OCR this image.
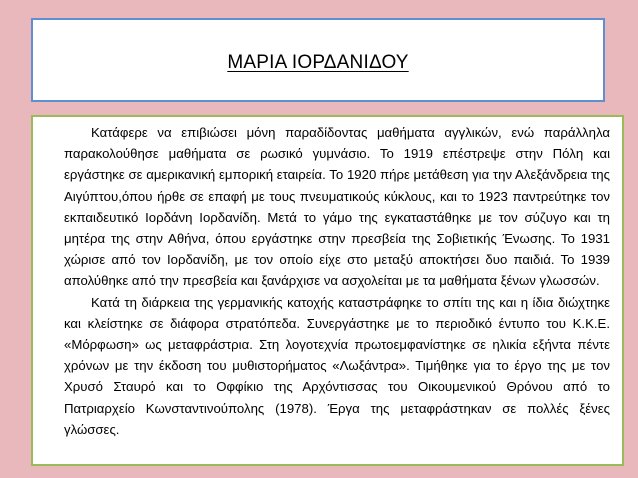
ΜΑΡΙΑ ΙΟΡΔΑΝΙΔΟΥ

Κατάφερε να επιβιώσει μόνη παραδίδοντας μαθήματα αγγλικών, ενώ παράλληλα παρακολούθησε μαθήματα σε ρωσικό γυμνάσιο. Το 1919 επέστρεψε στην Πόλη και εργάστηκε σε αμερικανική εμπορική εταιρεία. Το 1920 πήρε μετάθεση για την Αλεξάνδρεια της Αιγύπτου,όπου ήρθε σε επαφή με τους πνευματικούς κύκλους, και το 1923 παντρεύτηκε τον εκπαιδευτικό Ιορδάνη Ιορδανίδη. Μετά το γάμο της εγκαταστάθηκε με τον σύζυγο και τη μητέρα της στην Αθήνα, όπου εργάστηκε στην πρεσβεία της Σοβιετικής Ένωσης. Το 1931 χώρισε από τον Ιορδανίδη, με τον οποίο είχε στο μεταξύ αποκτήσει δυο παιδιά. Το 1939 απολύθηκε από την πρεσβεία και ξανάρχισε να ασχολείται με τα μαθήματα ξένων γλωσσών.

Κατά τη διάρκεια της γερμανικής κατοχής καταστράφηκε το σπίτι της και η ίδια διώχτηκε και κλείστηκε σε διάφορα στρατόπεδα. Συνεργάστηκε με το περιοδικό έντυπο του Κ.Κ.Ε. «Μόρφωση» ως μεταφράστρια. Στη λογοτεχνία πρωτοεμφανίστηκε σε ηλικία εξήντα πέντε χρόνων με την έκδοση του μυθιστορήματος «Λωξάντρα». Τιμήθηκε για το έργο της με τον Χρυσό Σταυρό και το Οφφίκιο της Αρχόντισσας του Οικουμενικού Θρόνου από το Πατριαρχείο Κωνσταντινούπολης (1978). Έργα της μεταφράστηκαν σε πολλές ξένες γλώσσες.
